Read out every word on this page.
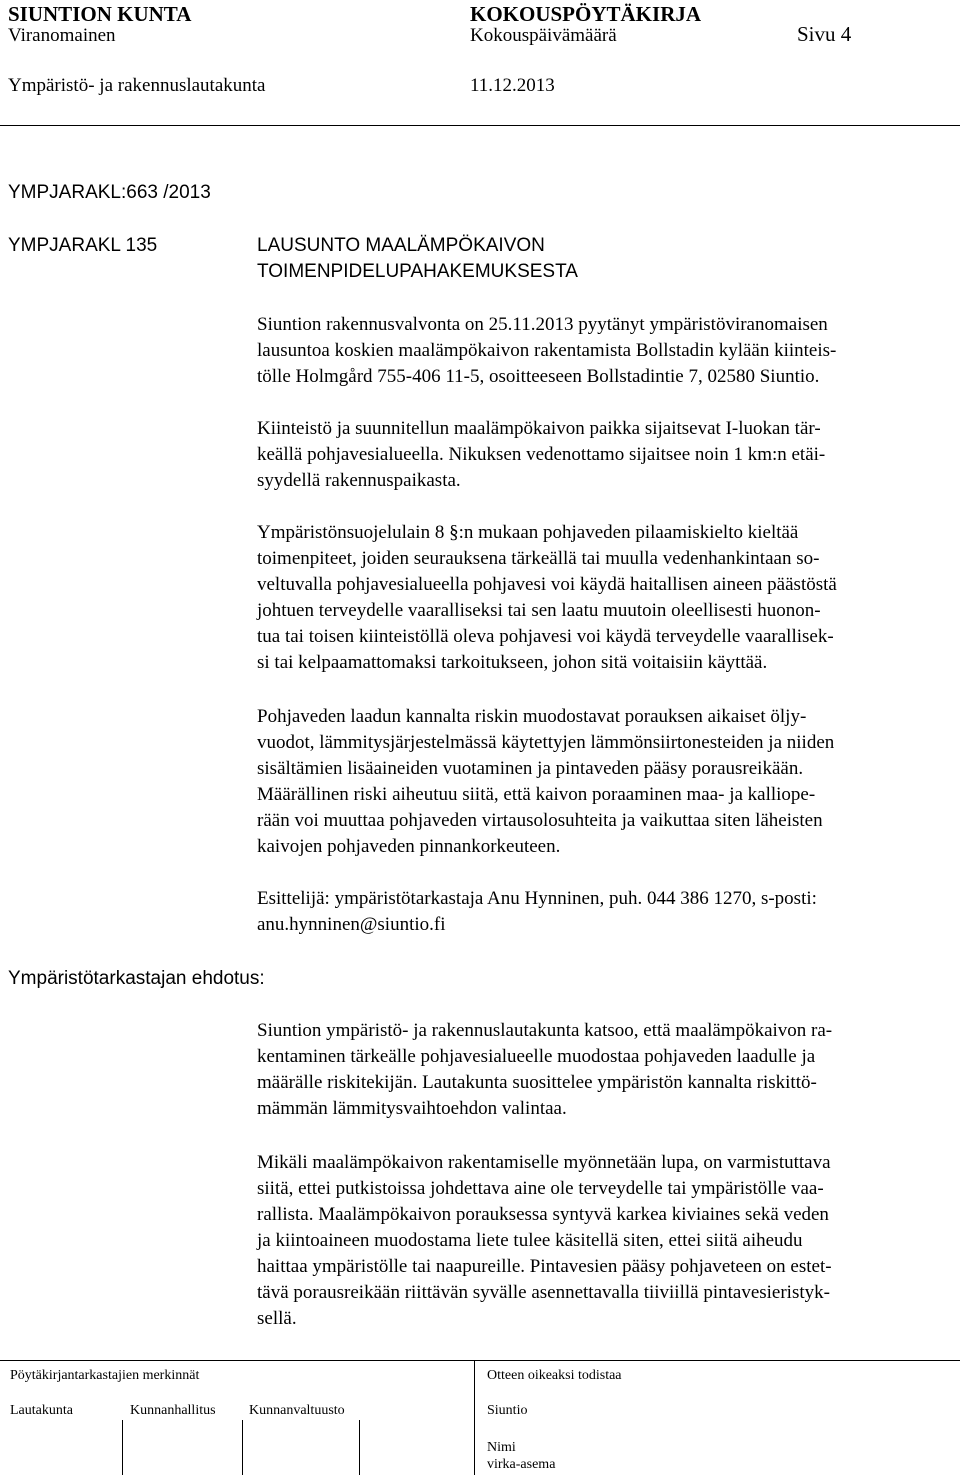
SIUNTION KUNTA	KOKOUSPÖYTÄKIRJA
Viranomainen	Kokouspäivämäärä	Sivu 4
Ympäristö- ja rakennuslautakunta	11.12.2013
YMPJARAKL:663 /2013
YMPJARAKL 135	LAUSUNTO MAALÄMPÖKAIVON
TOIMENPIDELUPAHAKEMUKSESTA
Siuntion rakennusvalvonta on 25.11.2013 pyytänyt ympäristöviranomaisen
lausuntoa koskien maalämpökaivon rakentamista Bollstadin kylään kiinteis-
tölle Holmgård 755-406 11-5, osoitteeseen Bollstadintie 7, 02580 Siuntio.
Kiinteistö ja suunnitellun maalämpökaivon paikka sijaitsevat I-luokan tär-
keällä pohjavesialueella. Nikuksen vedenottamo sijaitsee noin 1 km:n etäi-
syydellä rakennuspaikasta.
Ympäristönsuojelulain 8 §:n mukaan pohjaveden pilaamiskielto kieltää
toimenpiteet, joiden seurauksena tärkeällä tai muulla vedenhankintaan so-
veltuvalla pohjavesialueella pohjavesi voi käydä haitallisen aineen päästöstä
johtuen terveydelle vaaralliseksi tai sen laatu muutoin oleellisesti huonon-
tua tai toisen kiinteistöllä oleva pohjavesi voi käydä terveydelle vaarallisek-
si tai kelpaamattomaksi tarkoitukseen, johon sitä voitaisiin käyttää.
Pohjaveden laadun kannalta riskin muodostavat porauksen aikaiset öljy-
vuodot, lämmitysjärjestelmässä käytettyjen lämmönsiirtonesteiden ja niiden
sisältämien lisäaineiden vuotaminen ja pintaveden pääsy porausreikään.
Määrällinen riski aiheutuu siitä, että kaivon poraaminen maa- ja kalliope-
rään voi muuttaa pohjaveden virtausolosuhteita ja vaikuttaa siten läheisten
kaivojen pohjaveden pinnankorkeuteen.
Esittelijä: ympäristötarkastaja Anu Hynninen, puh. 044 386 1270, s-posti:
anu.hynninen@siuntio.fi
Ympäristötarkastajan ehdotus:
Siuntion ympäristö- ja rakennuslautakunta katsoo, että maalämpökaivon ra-
kentaminen tärkeälle pohjavesialueelle muodostaa pohjaveden laadulle ja
määrälle riskitekijän. Lautakunta suosittelee ympäristön kannalta riskittö-
mämmän lämmitysvaihtoehdon valintaa.
Mikäli maalämpökaivon rakentamiselle myönnetään lupa, on varmistuttava
siitä, ettei putkistoissa johdettava aine ole terveydelle tai ympäristölle vaa-
rallista. Maalämpökaivon porauksessa syntyvä karkea kiviaines sekä veden
ja kiintoaineen muodostama liete tulee käsitellä siten, ettei siitä aiheudu
haittaa ympäristölle tai naapureille. Pintavesien pääsy pohjaveteen on estet-
tävä porausreikään riittävän syvälle asennettavalla tiiviillä pintavesieristyk-
sellä.
Pöytäkirjantarkastajien merkinnät	Otteen oikeaksi todistaa
Lautakunta	Kunnanhallitus Kunnanvaltuusto	Siuntio
Nimi
virka-asema
